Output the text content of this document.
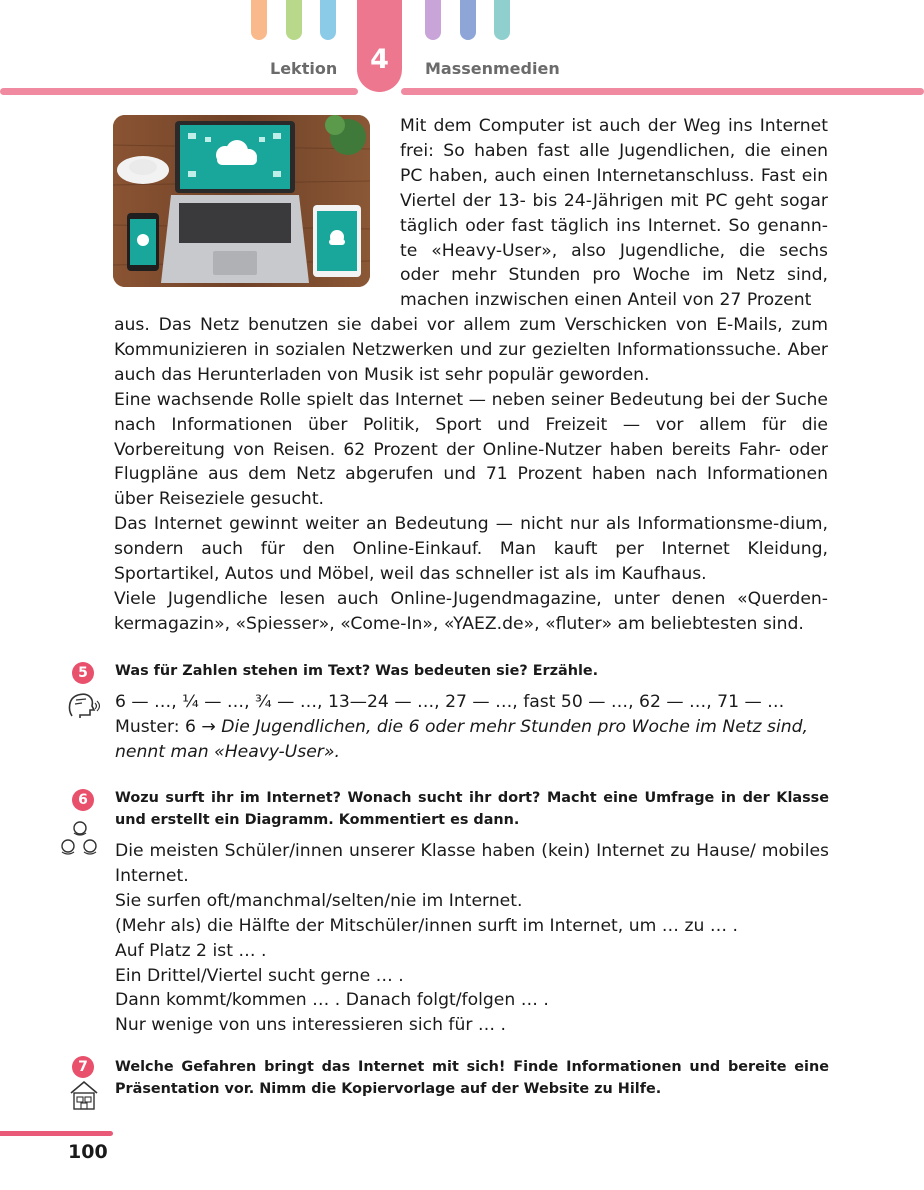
4
Lektion	Massenmedien
Mit dem Computer ist auch der Weg ins Internet frei: So haben fast alle Jugendlichen, die einen PC haben, auch einen Internetanschluss. Fast ein Viertel der 13- bis 24-Jährigen mit PC geht sogar täglich oder fast täglich ins Internet. So genann-te «Heavy-User», also Jugendliche, die sechs oder mehr Stunden pro Woche im Netz sind, machen inzwischen einen Anteil von 27 Prozent
aus. Das Netz benutzen sie dabei vor allem zum Verschicken von E-Mails, zum Kommunizieren in sozialen Netzwerken und zur gezielten Informationssuche. Aber auch das Herunterladen von Musik ist sehr populär geworden.
Eine wachsende Rolle spielt das Internet — neben seiner Bedeutung bei der Suche nach Informationen über Politik, Sport und Freizeit — vor allem für die Vorbereitung von Reisen. 62 Prozent der Online-Nutzer haben bereits Fahr- oder Flugpläne aus dem Netz abgerufen und 71 Prozent haben nach Informationen über Reiseziele gesucht.
Das Internet gewinnt weiter an Bedeutung — nicht nur als Informationsme-dium, sondern auch für den Online-Einkauf. Man kauft per Internet Kleidung, Sportartikel, Autos und Möbel, weil das schneller ist als im Kaufhaus.
Viele Jugendliche lesen auch Online-Jugendmagazine, unter denen «Querden-kermagazin», «Spiesser», «Come-In», «YAEZ.de», «fluter» am beliebtesten sind.
5	Was für Zahlen stehen im Text? Was bedeuten sie? Erzähle.

6 — …, ¼ — …, ¾ — …, 13—24 — …, 27 — …, fast 50 — …, 62 — …, 71 — …
Muster: 6 → Die Jugendlichen, die 6 oder mehr Stunden pro Woche im Netz sind, nennt man «Heavy-User».
6	Wozu surft ihr im Internet? Wonach sucht ihr dort? Macht eine Umfrage in der Klasse und erstellt ein Diagramm. Kommentiert es dann.

Die meisten Schüler/innen unserer Klasse haben (kein) Internet zu Hause/ mobiles Internet.
Sie surfen oft/manchmal/selten/nie im Internet.
(Mehr als) die Hälfte der Mitschüler/innen surft im Internet, um … zu … .
Auf Platz 2 ist … .
Ein Drittel/Viertel sucht gerne … .
Dann kommt/kommen … . Danach folgt/folgen … .
Nur wenige von uns interessieren sich für … .
7	Welche Gefahren bringt das Internet mit sich! Finde Informationen und bereite eine Präsentation vor. Nimm die Kopiervorlage auf der Website zu Hilfe.

100
